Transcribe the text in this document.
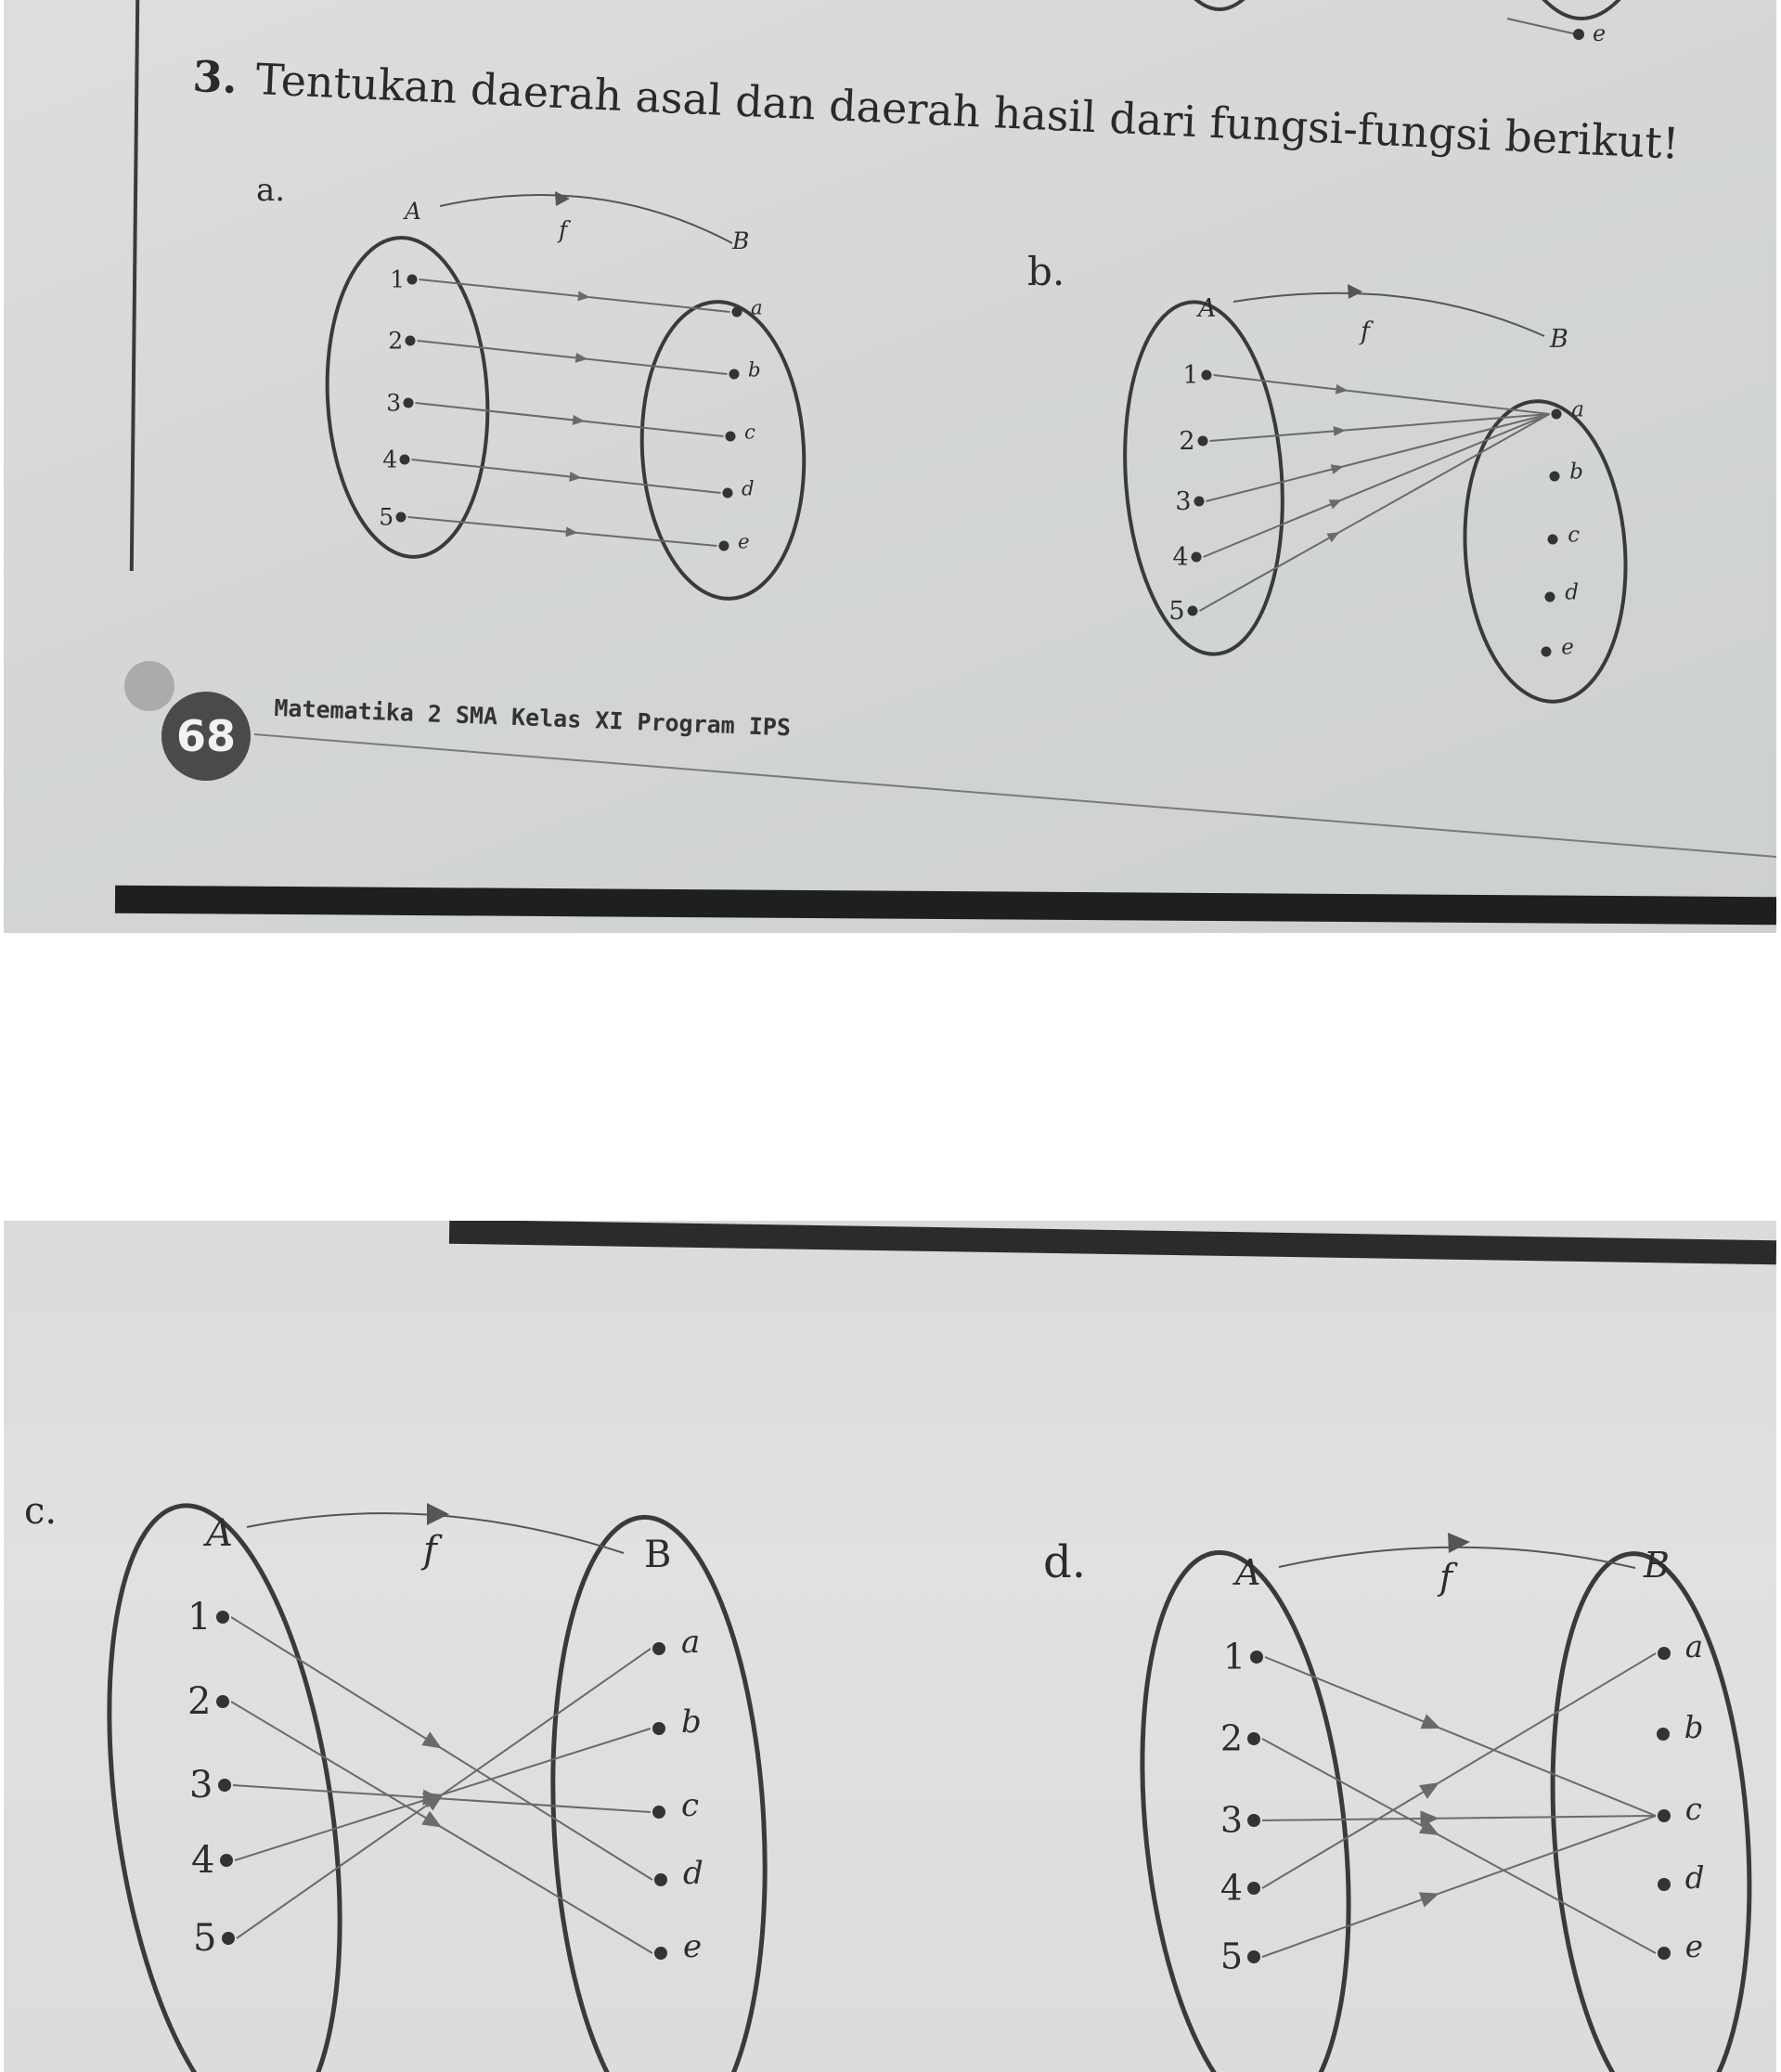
e
3. Tentukan daerah asal dan daerah hasil dari fungsi-fungsi berikut!
a.
b.
A
B
f
1
2
3
4
5
a
b
c
d
e
A
B
f
1
2
3
4
5
a
b
c
d
e
68	Matematika 2 SMA Kelas XI Program IPS
c.
d.
A	B
f
1
2
3
4
5
a
b
c
d
e
A	B
f
1
2
3
4
5
a
b
c
d
e
